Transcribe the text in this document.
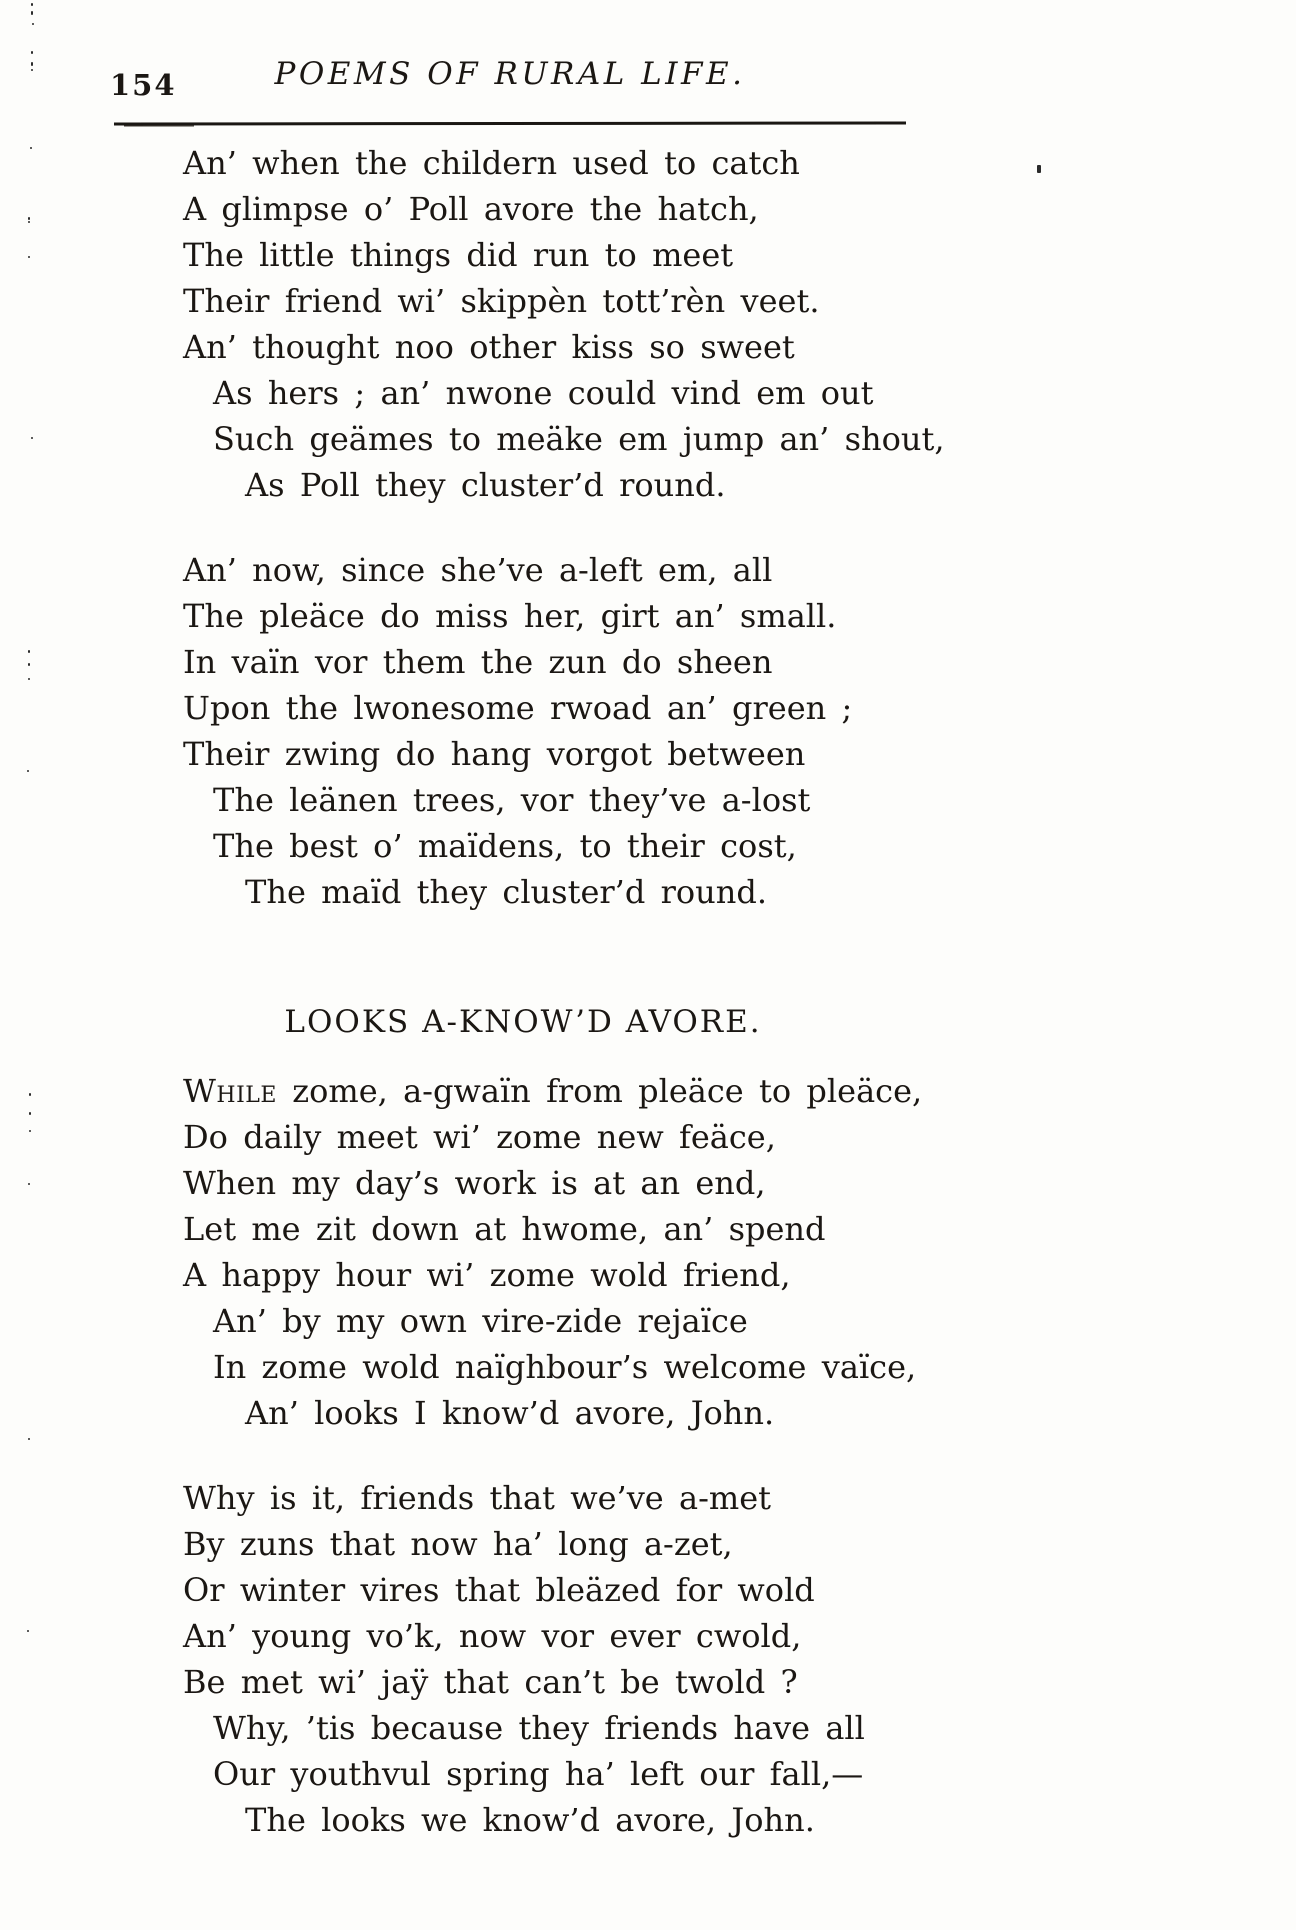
154	POEMS OF RURAL LIFE.
An’ when the childern used to catch
A glimpse o’ Poll avore the hatch,
The little things did run to meet
Their friend wi’ skippèn tott’rèn veet.
An’ thought noo other kiss so sweet
As hers ; an’ nwone could vind em out
Such geämes to meäke em jump an’ shout,
As Poll they cluster’d round.
An’ now, since she’ve a-left em, all
The pleäce do miss her, girt an’ small.
In vaïn vor them the zun do sheen
Upon the lwonesome rwoad an’ green ;
Their zwing do hang vorgot between
The leänen trees, vor they’ve a-lost
The best o’ maïdens, to their cost,
The maïd they cluster’d round.
LOOKS A-KNOW’D AVORE.
While zome, a-gwaïn from pleäce to pleäce,
Do daily meet wi’ zome new feäce,
When my day’s work is at an end,
Let me zit down at hwome, an’ spend
A happy hour wi’ zome wold friend,
An’ by my own vire-zide rejaïce
In zome wold naïghbour’s welcome vaïce,
An’ looks I know’d avore, John.
Why is it, friends that we’ve a-met
By zuns that now ha’ long a-zet,
Or winter vires that bleäzed for wold
An’ young vo’k, now vor ever cwold,
Be met wi’ jaÿ that can’t be twold ?
Why, ’tis because they friends have all
Our youthvul spring ha’ left our fall,—
The looks we know’d avore, John.
